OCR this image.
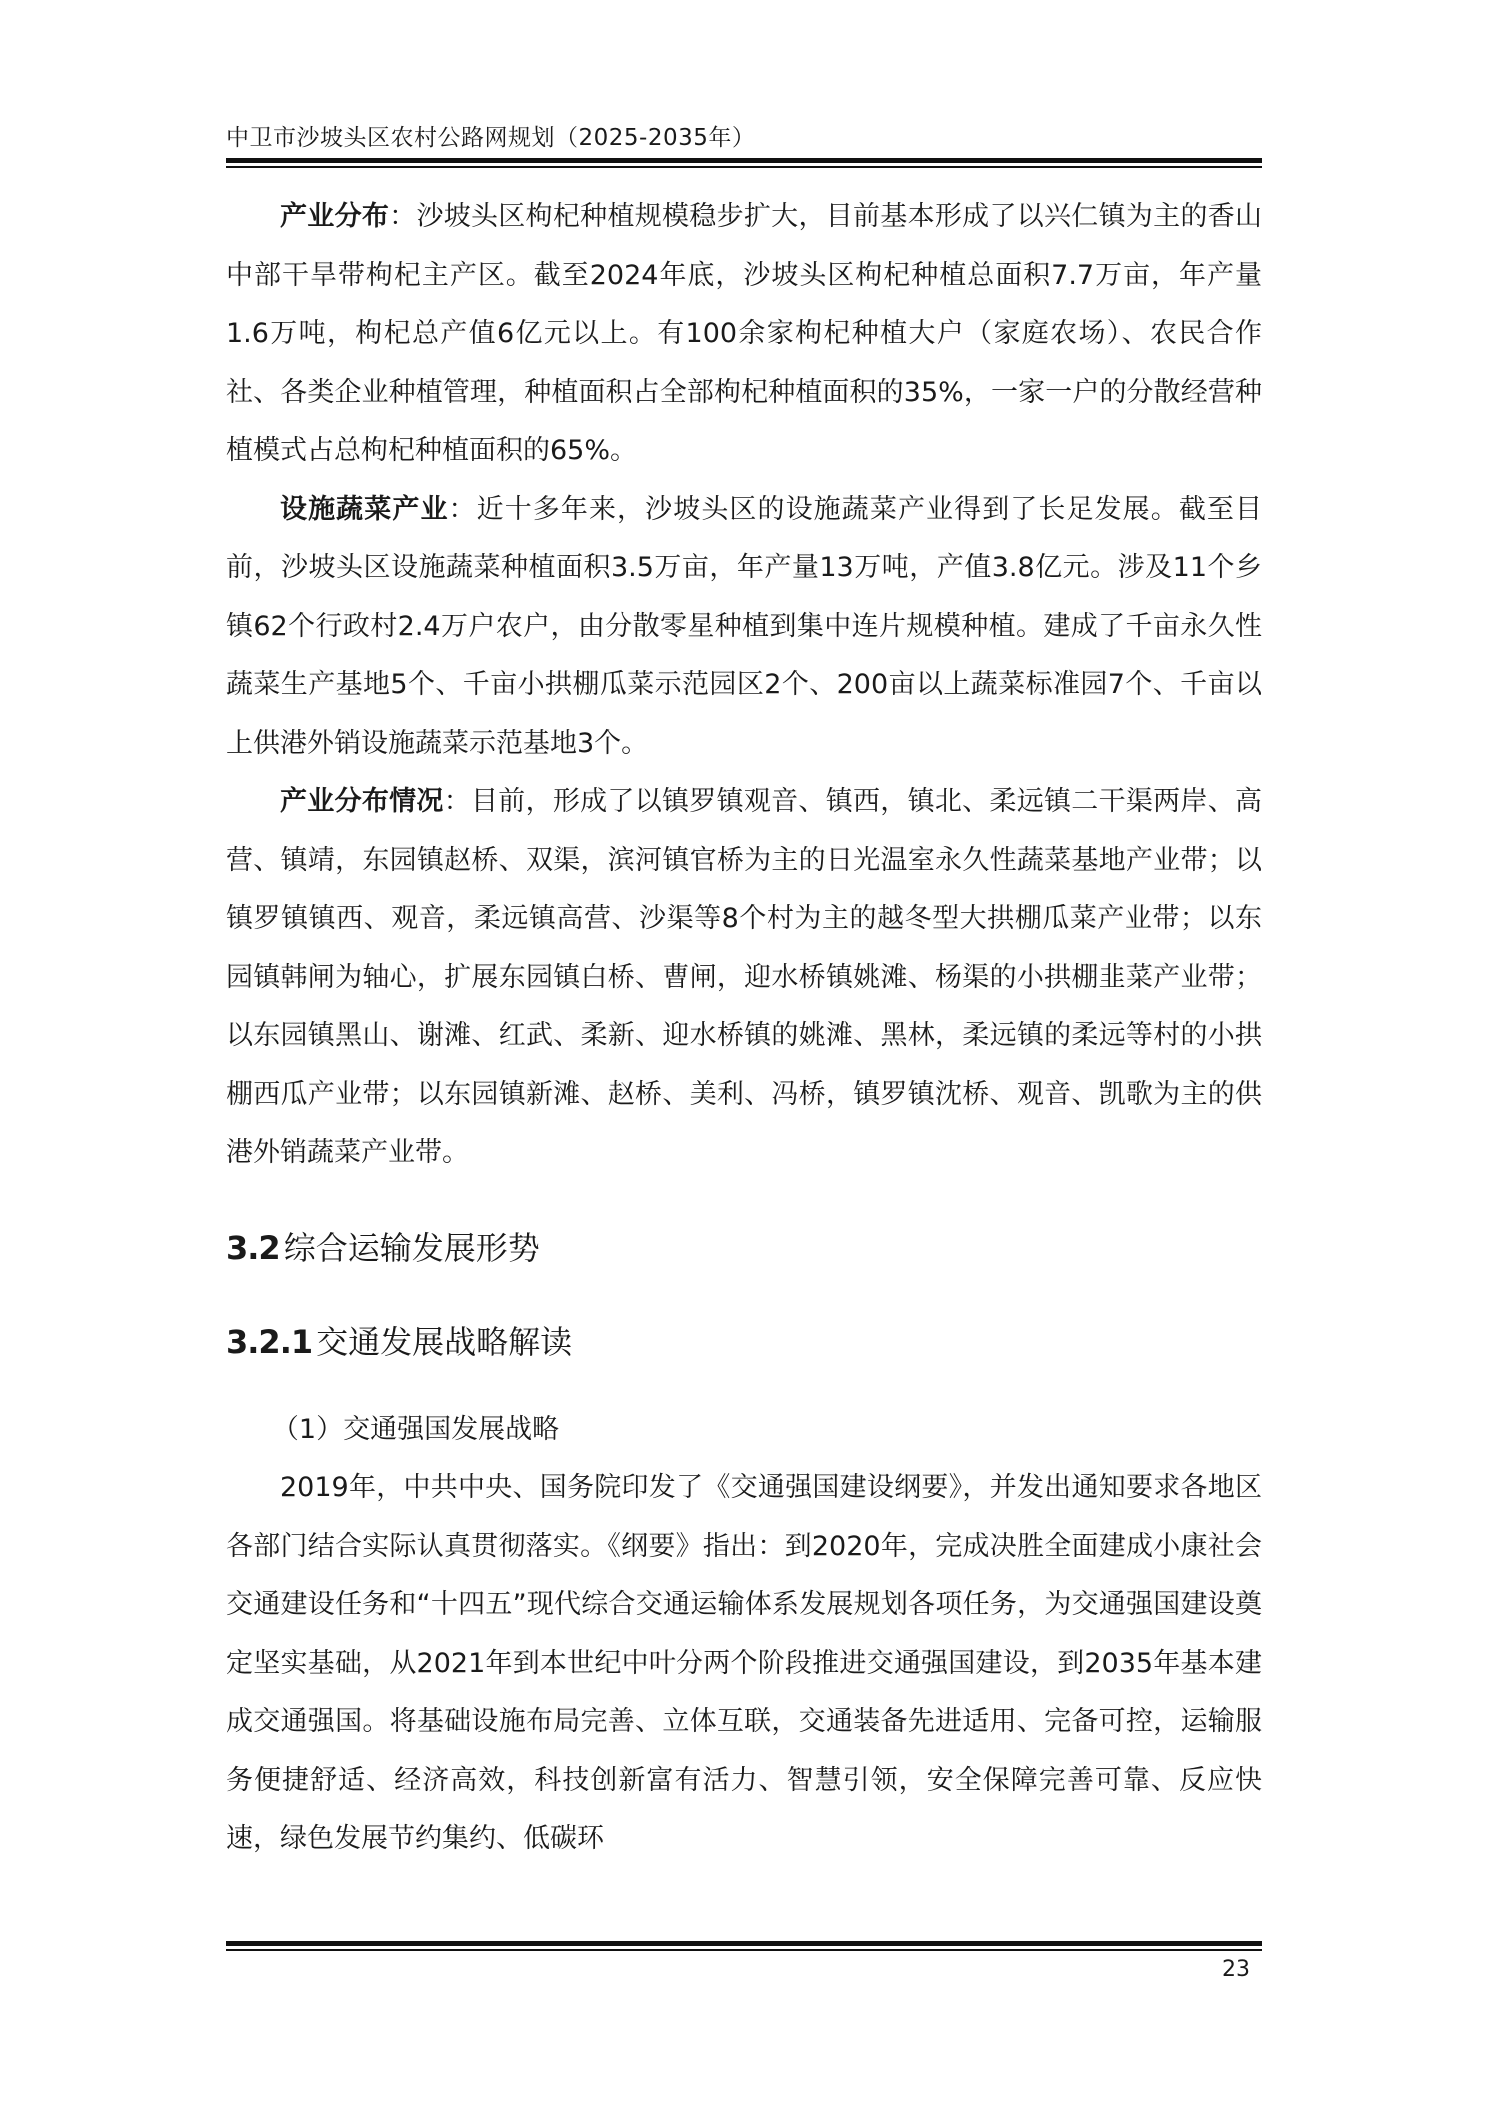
中卫市沙坡头区农村公路网规划（2025-2035年）

产业分布：沙坡头区枸杞种植规模稳步扩大，目前基本形成了以兴仁镇为主的香山中部干旱带枸杞主产区。截至2024年底，沙坡头区枸杞种植总面积7.7万亩，年产量1.6万吨，枸杞总产值6亿元以上。有100余家枸杞种植大户（家庭农场）、农民合作社、各类企业种植管理，种植面积占全部枸杞种植面积的35%，一家一户的分散经营种植模式占总枸杞种植面积的65%。

设施蔬菜产业：近十多年来，沙坡头区的设施蔬菜产业得到了长足发展。截至目前，沙坡头区设施蔬菜种植面积3.5万亩，年产量13万吨，产值3.8亿元。涉及11个乡镇62个行政村2.4万户农户，由分散零星种植到集中连片规模种植。建成了千亩永久性蔬菜生产基地5个、千亩小拱棚瓜菜示范园区2个、200亩以上蔬菜标准园7个、千亩以上供港外销设施蔬菜示范基地3个。

产业分布情况：目前，形成了以镇罗镇观音、镇西，镇北、柔远镇二干渠两岸、高营、镇靖，东园镇赵桥、双渠，滨河镇官桥为主的日光温室永久性蔬菜基地产业带；以镇罗镇镇西、观音，柔远镇高营、沙渠等8个村为主的越冬型大拱棚瓜菜产业带；以东园镇韩闸为轴心，扩展东园镇白桥、曹闸，迎水桥镇姚滩、杨渠的小拱棚韭菜产业带；以东园镇黑山、谢滩、红武、柔新、迎水桥镇的姚滩、黑林，柔远镇的柔远等村的小拱棚西瓜产业带；以东园镇新滩、赵桥、美利、冯桥，镇罗镇沈桥、观音、凯歌为主的供港外销蔬菜产业带。

3.2 综合运输发展形势
3.2.1 交通发展战略解读

（1）交通强国发展战略

2019年，中共中央、国务院印发了《交通强国建设纲要》，并发出通知要求各地区各部门结合实际认真贯彻落实。《纲要》指出：到2020年，完成决胜全面建成小康社会交通建设任务和“十四五”现代综合交通运输体系发展规划各项任务，为交通强国建设奠定坚实基础，从2021年到本世纪中叶分两个阶段推进交通强国建设，到2035年基本建成交通强国。将基础设施布局完善、立体互联，交通装备先进适用、完备可控，运输服务便捷舒适、经济高效，科技创新富有活力、智慧引领，安全保障完善可靠、反应快速，绿色发展节约集约、低碳环

23
